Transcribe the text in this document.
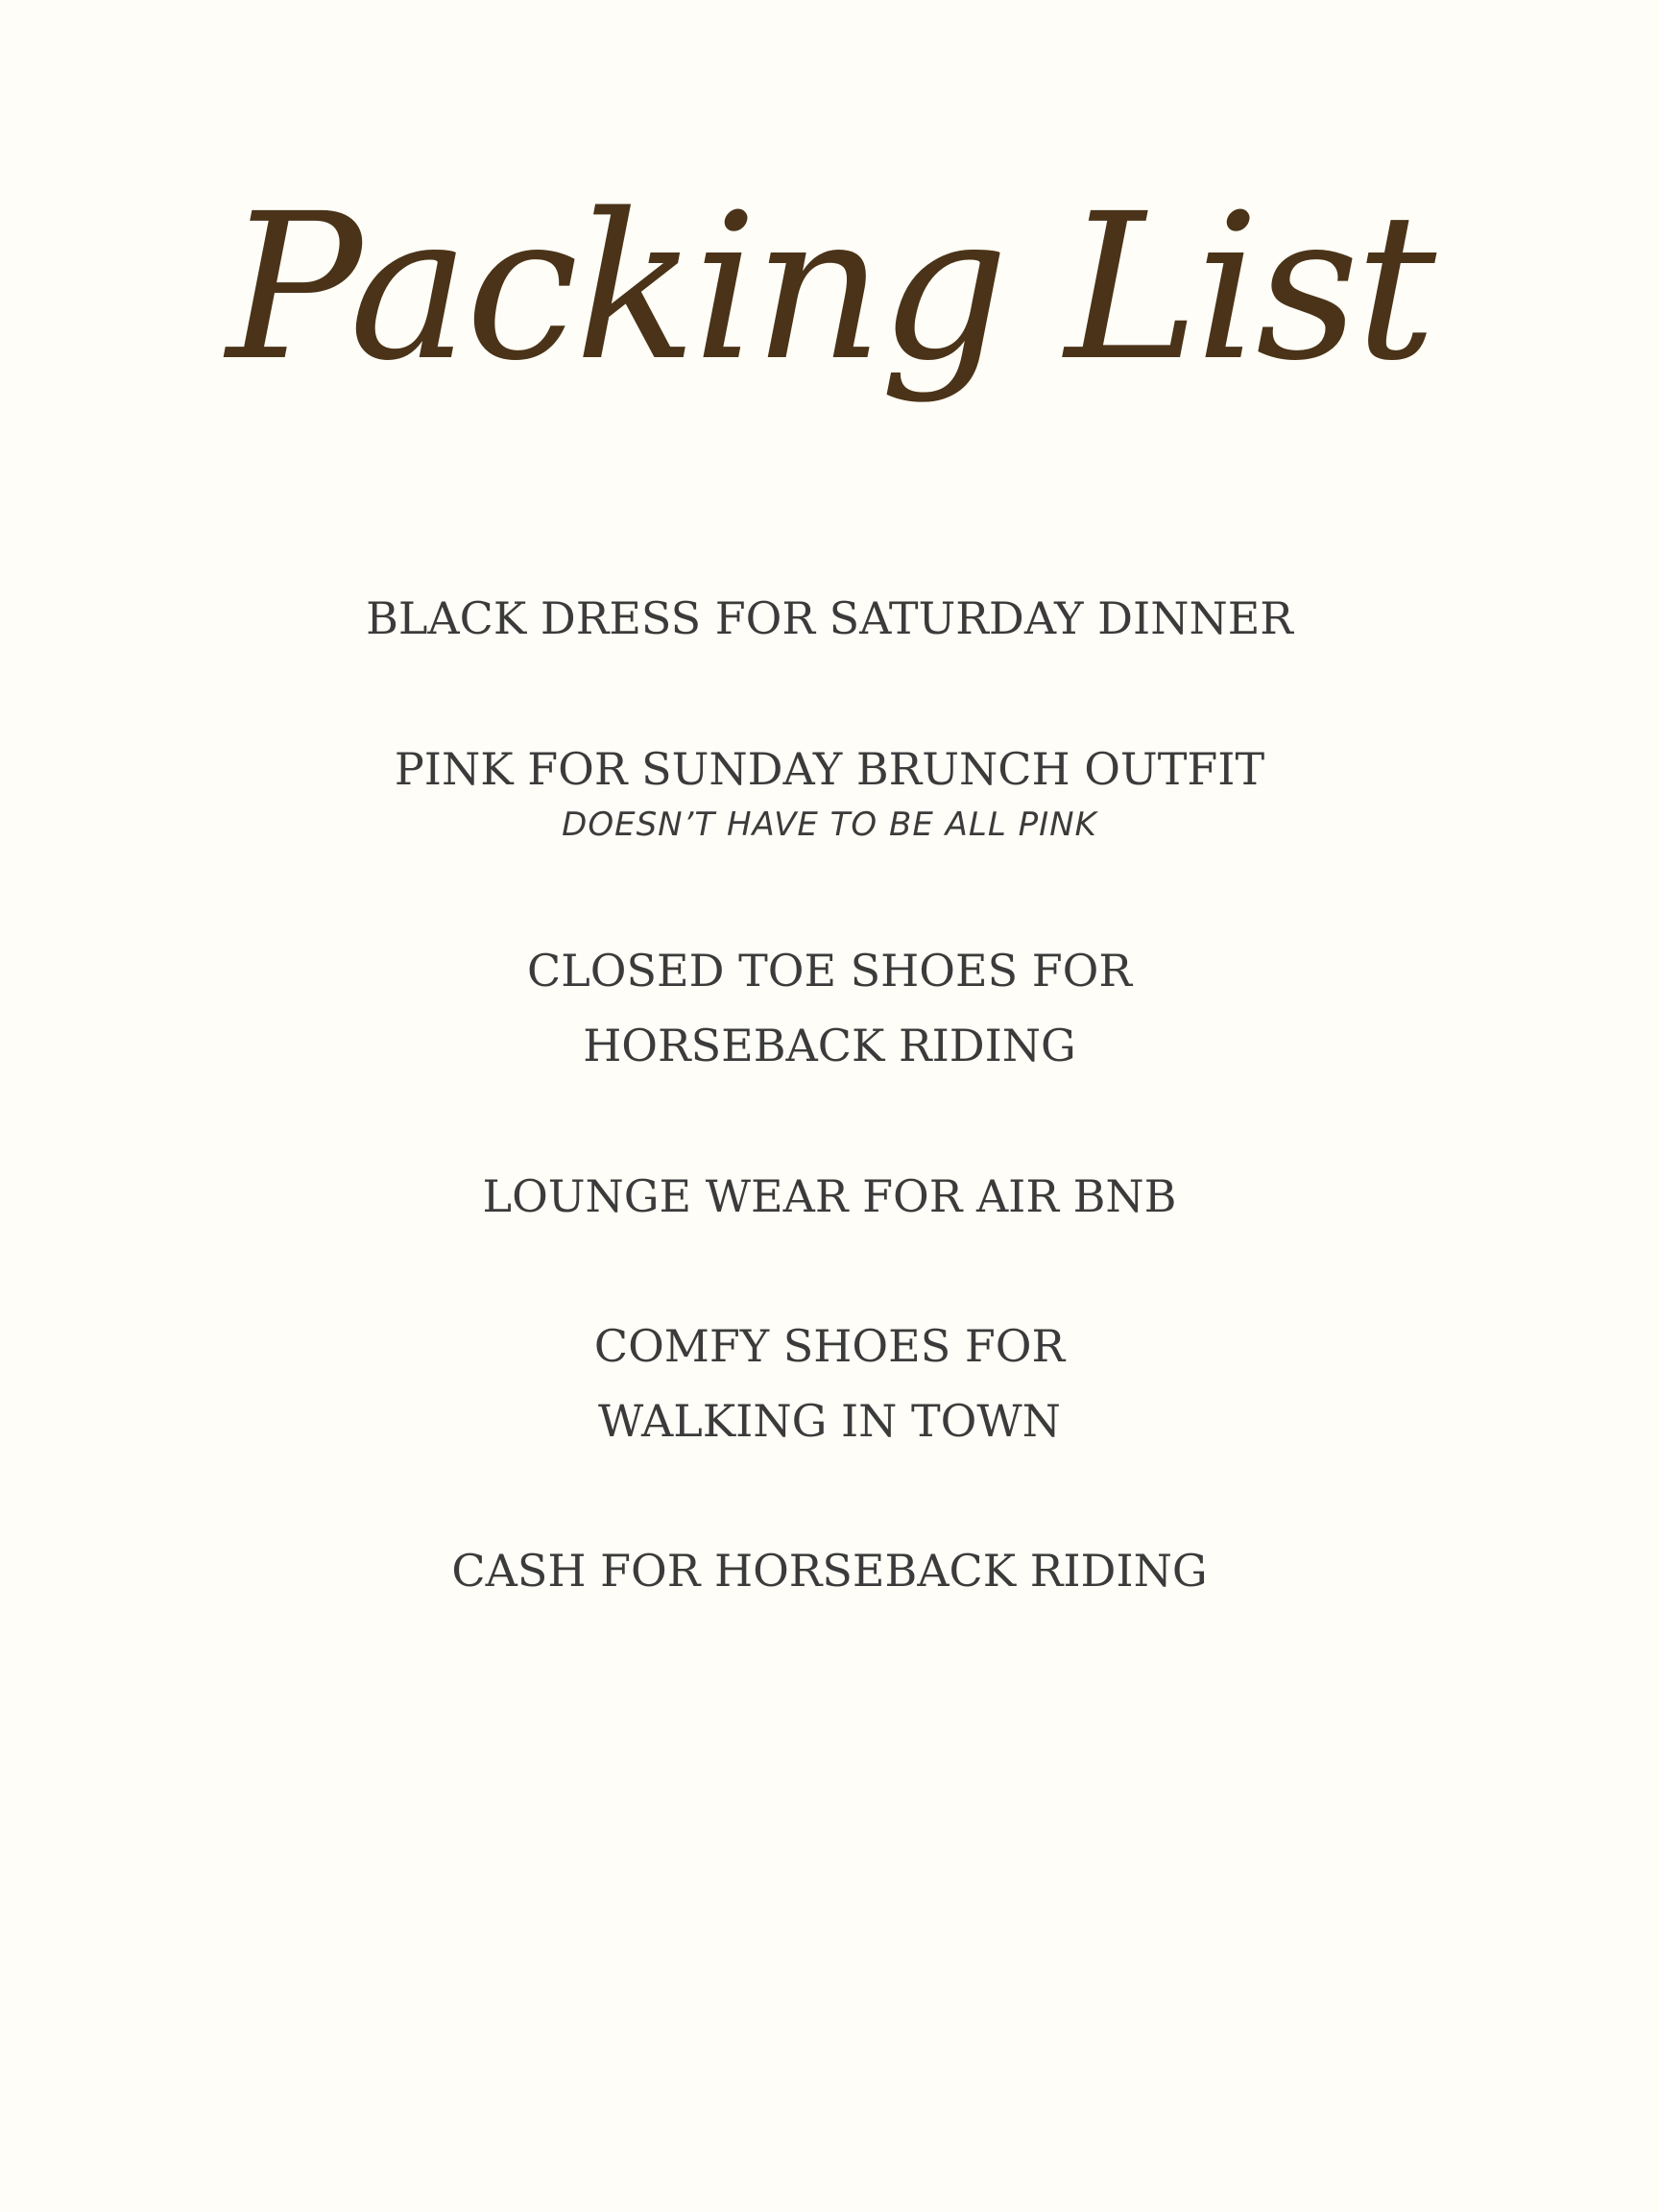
Packing List
BLACK DRESS FOR SATURDAY DINNER
PINK FOR SUNDAY BRUNCH OUTFIT
DOESN’T HAVE TO BE ALL PINK
CLOSED TOE SHOES FOR
HORSEBACK RIDING
LOUNGE WEAR FOR AIR BNB
COMFY SHOES FOR
WALKING IN TOWN
CASH FOR HORSEBACK RIDING
